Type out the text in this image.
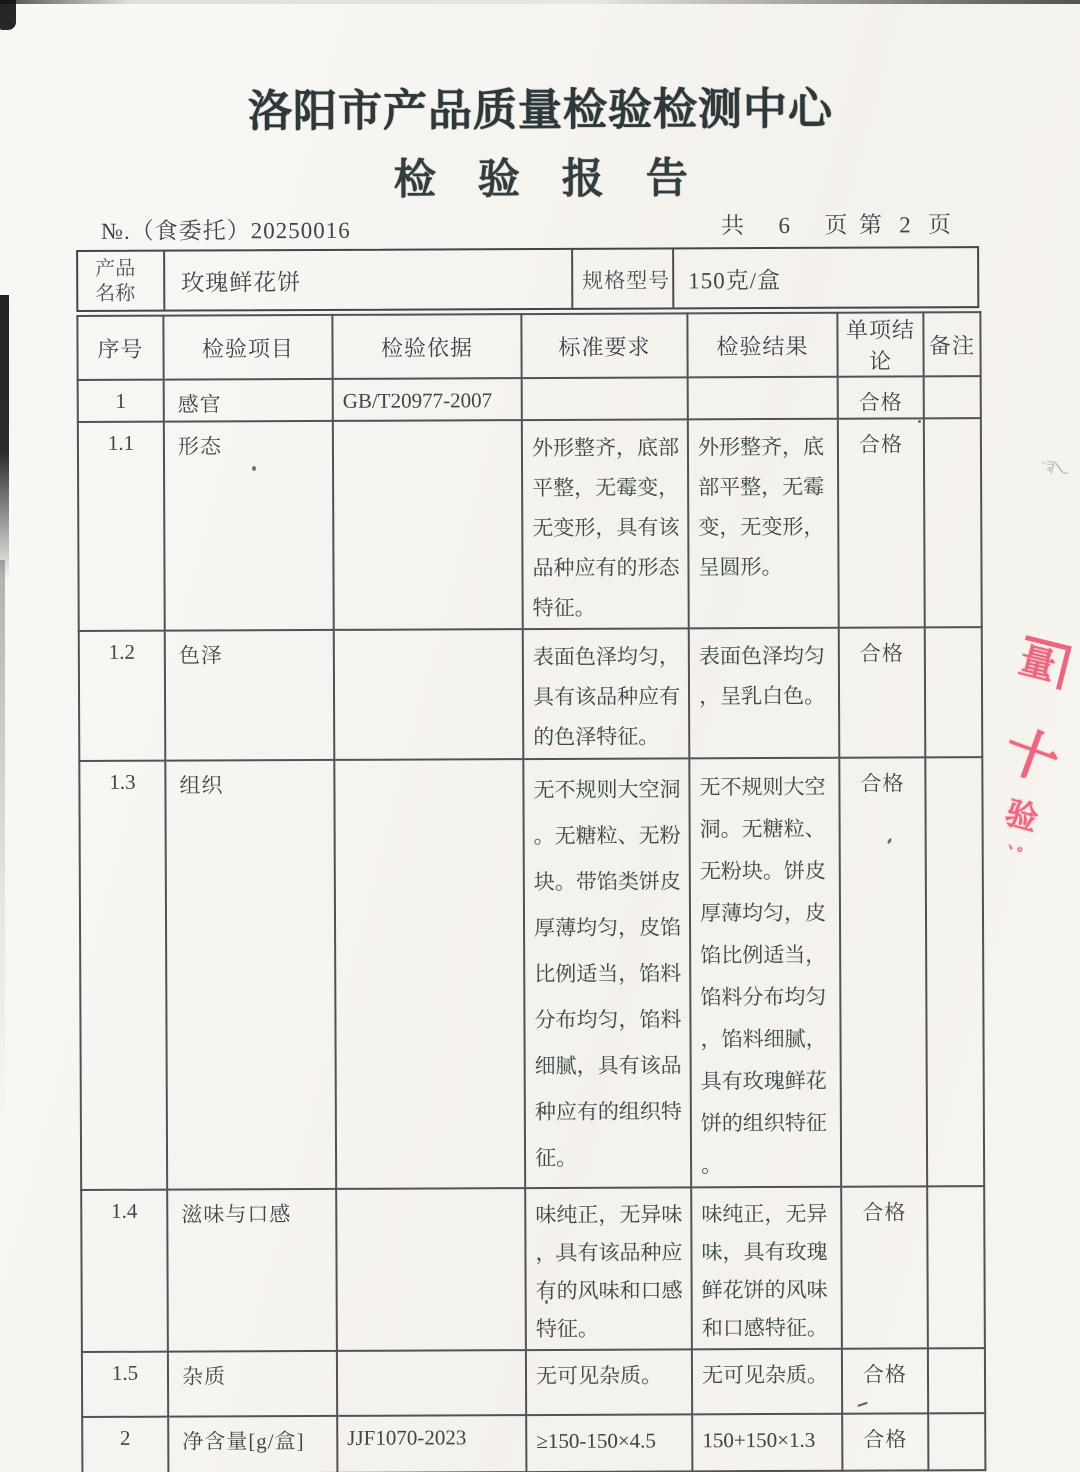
ᵕ࿐
ᝍ
洛阳市产品质量检验检测中心
检　验　报　告
№.（食委托）20250016	共      6      页  第   2   页
产品
名称	玫瑰鲜花饼	规格型号 150克/盒
序号	检验项目	检验依据	标准要求	检验结果	单项结论	备注
1	感官	GB/T20977-2007			合格	
1.1	形态		外形整齐，底部平整，无霉变，无变形，具有该品种应有的形态特征。	外形整齐，底部平整，无霉变，无变形，呈圆形。	合格	
1.2	色泽		表面色泽均匀，具有该品种应有的色泽特征。	表面色泽均匀，呈乳白色。	合格	
1.3	组织		无不规则大空洞。无糖粒、无粉块。带馅类饼皮厚薄均匀，皮馅比例适当，馅料分布均匀，馅料细腻，具有该品种应有的组织特征。	无不规则大空洞。无糖粒、无粉块。饼皮厚薄均匀，皮馅比例适当，馅料分布均匀，馅料细腻，具有玫瑰鲜花饼的组织特征。	合格	
1.4	滋味与口感		味纯正，无异味，具有该品种应有的风味和口感特征。	味纯正，无异味，具有玫瑰鲜花饼的风味和口感特征。	合格	
1.5	杂质		无可见杂质。	无可见杂质。	合格	
2	净含量[g/盒]	JJF1070-2023	≥150-150×4.5	150+150×1.3	合格	
量
十
验
、。
